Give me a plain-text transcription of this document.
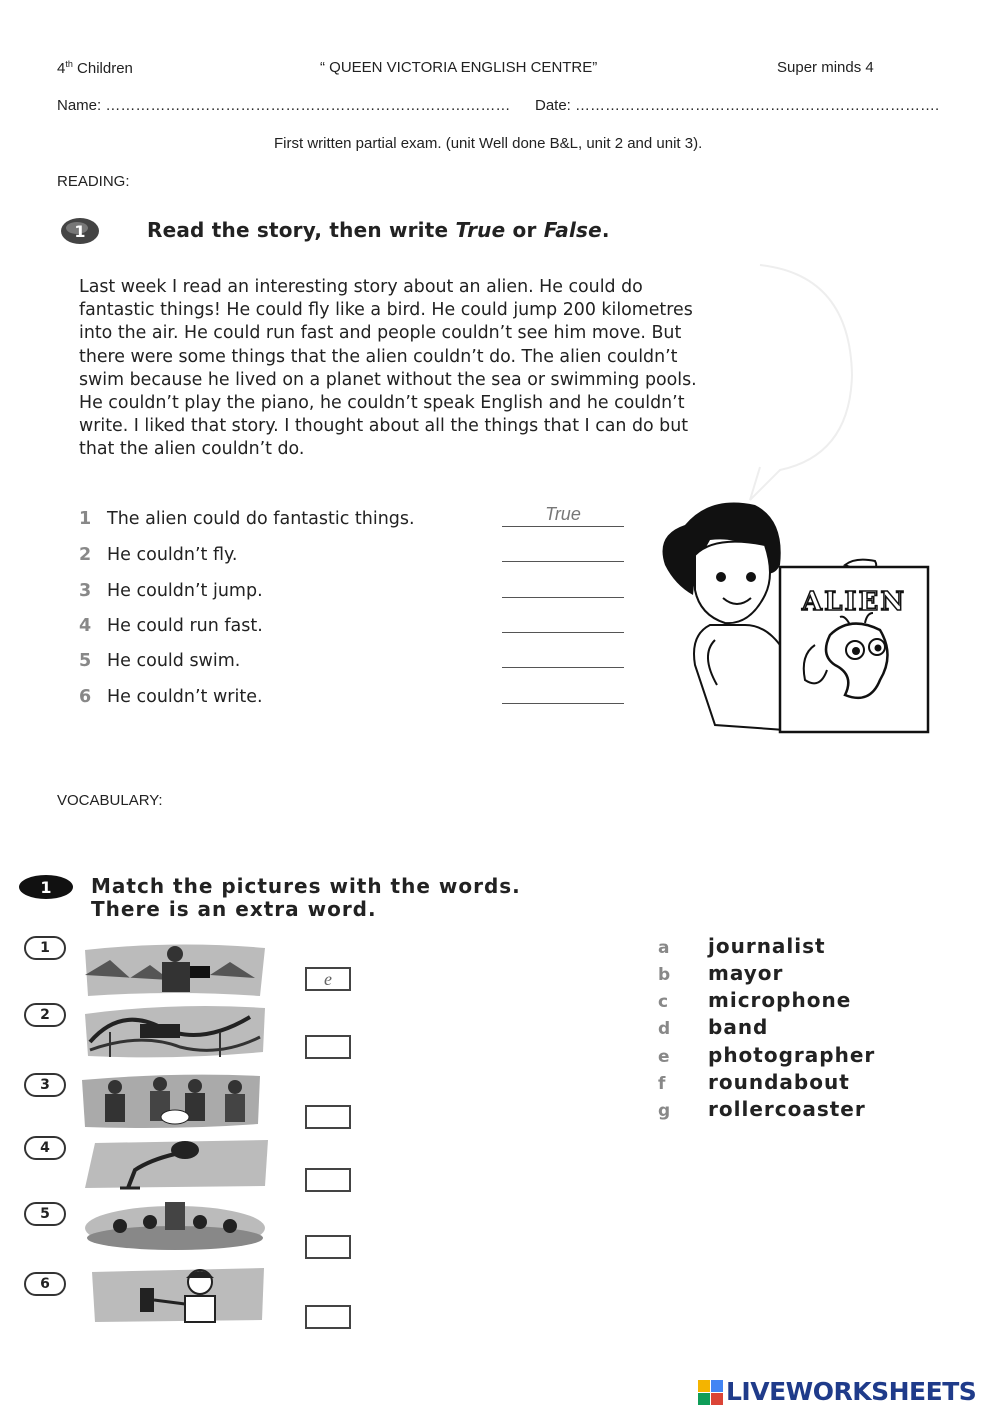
4th Children	“ QUEEN VICTORIA ENGLISH CENTRE”	Super minds 4
Name: ……………………………………………………………………… Date: ……………………………………………………………….
First written partial exam. (unit Well done B&L, unit 2 and unit 3).
READING:
1	Read the story, then write True or False.
Last week I read an interesting story about an alien. He could do
fantastic things! He could fly like a bird. He could jump 200 kilometres
into the air. He could run fast and people couldn’t see him move. But
there were some things that the alien couldn’t do. The alien couldn’t
swim because he lived on a planet without the sea or swimming pools.
He couldn’t play the piano, he couldn’t speak English and he couldn’t
write. I liked that story. I thought about all the things that I can do but
that the alien couldn’t do.
1 The alien could do fantastic things.	True
2 He couldn’t fly.
3 He couldn’t jump.
4 He could run fast.
5 He could swim.
6 He couldn’t write.
ALIEN
VOCABULARY:
1 Match the pictures with the words.
There is an extra word.
1
e
2
3
4
5
6
a journalist
b mayor
c microphone
d band
e photographer
f roundabout
g rollercoaster
LIVEWORKSHEETS
